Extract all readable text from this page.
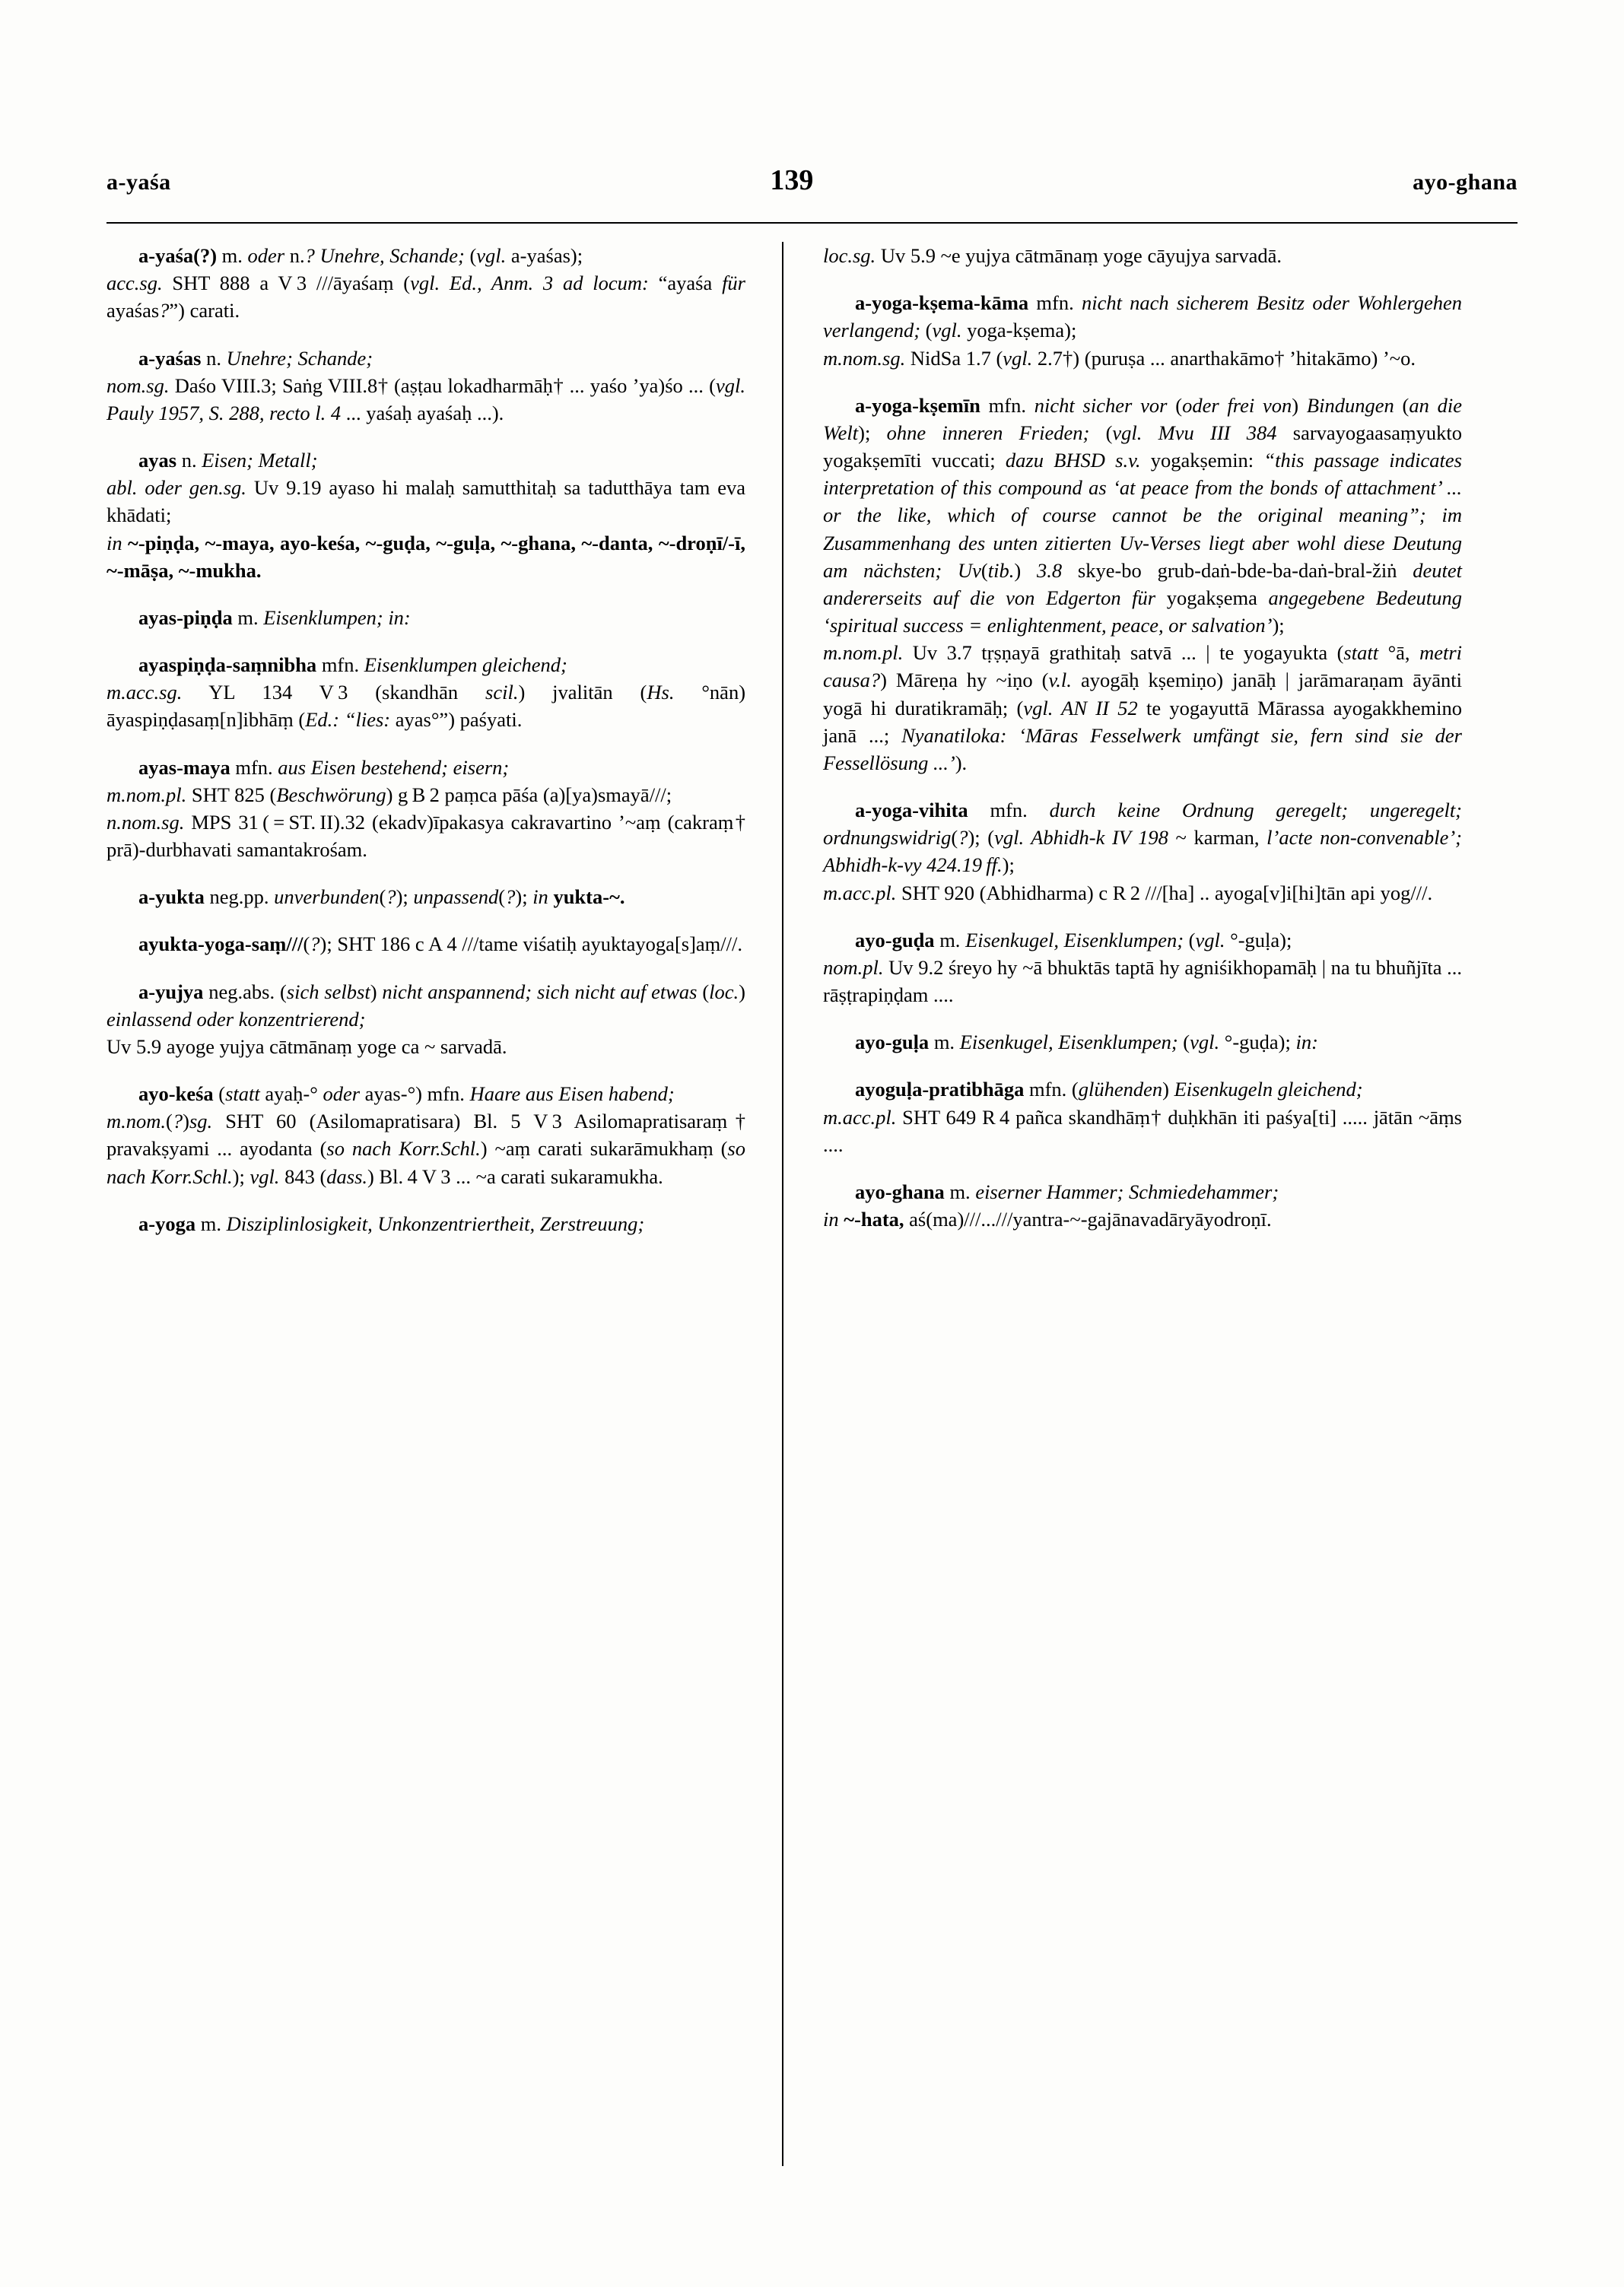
a-yaśa	139	ayo-ghana

a-yaśa(?) m. oder n.? Unehre, Schande; (vgl. a-yaśas);

acc.sg. SHT 888 a V 3 ///āyaśaṃ (vgl. Ed., Anm. 3 ad locum: “ayaśa für ayaśas?”) carati.

a-yaśas n. Unehre; Schande;

nom.sg. Daśo VIII.3; Saṅg VIII.8† (aṣṭau lokadharmāḥ† ... yaśo ’ya)śo ... (vgl. Pauly 1957, S. 288, recto l. 4 ... yaśaḥ ayaśaḥ ...).

ayas n. Eisen; Metall;

abl. oder gen.sg. Uv 9.19 ayaso hi malaḥ samutthitaḥ sa tadutthāya tam eva khādati;

in ~-piṇḍa, ~-maya, ayo-keśa, ~-guḍa, ~-guḷa, ~-ghana, ~-danta, ~-droṇī/-ī, ~-māṣa, ~-mukha.

ayas-piṇḍa m. Eisenklumpen; in:

ayaspiṇḍa-saṃnibha mfn. Eisenklumpen gleichend;

m.acc.sg. YL 134 V 3 (skandhān scil.) jvalitān (Hs. °nān) āyaspiṇḍasaṃ[n]ibhāṃ (Ed.: “lies: ayas°”) paśyati.

ayas-maya mfn. aus Eisen bestehend; eisern;

m.nom.pl. SHT 825 (Beschwörung) g B 2 paṃca pāśa (a)[ya)smayā///;

n.nom.sg. MPS 31 ( = ST. II).32 (ekadv)īpakasya cakravartino ’~aṃ (cakraṃ† prā)-durbhavati samantakrośam.

a-yukta neg.pp. unverbunden(?); unpassend(?); in yukta-~.

ayukta-yoga-saṃ///(?); SHT 186 c A 4 ///tame viśatiḥ ayuktayoga[s]aṃ///.

a-yujya neg.abs. (sich selbst) nicht anspannend; sich nicht auf etwas (loc.) einlassend oder konzentrierend;

Uv 5.9 ayoge yujya cātmānaṃ yoge ca ~ sarvadā.

ayo-keśa (statt ayaḥ-° oder ayas-°) mfn. Haare aus Eisen habend;

m.nom.(?)sg. SHT 60 (Asilomapratisara) Bl. 5 V 3 Asilomapratisaraṃ† pravakṣyami ... ayodanta (so nach Korr.Schl.) ~aṃ carati sukarāmukhaṃ (so nach Korr.Schl.); vgl. 843 (dass.) Bl. 4 V 3 ... ~a carati sukaramukha.

a-yoga m. Disziplinlosigkeit, Unkonzentriertheit, Zerstreuung;

loc.sg. Uv 5.9 ~e yujya cātmānaṃ yoge cāyujya sarvadā.

a-yoga-kṣema-kāma mfn. nicht nach sicherem Besitz oder Wohlergehen verlangend; (vgl. yoga-kṣema);

m.nom.sg. NidSa 1.7 (vgl. 2.7†) (puruṣa ... anarthakāmo† ’hitakāmo) ’~o.

a-yoga-kṣemīn mfn. nicht sicher vor (oder frei von) Bindungen (an die Welt); ohne inneren Frieden; (vgl. Mvu III 384 sarvayogaasaṃyukto yogakṣemīti vuccati; dazu BHSD s.v. yogakṣemin: “this passage indicates interpretation of this compound as ‘at peace from the bonds of attachment’ ... or the like, which of course cannot be the original meaning”; im Zusammenhang des unten zitierten Uv-Verses liegt aber wohl diese Deutung am nächsten; Uv(tib.) 3.8 skye-bo grub-daṅ-bde-ba-daṅ-bral-žiṅ deutet andererseits auf die von Edgerton für yogakṣema angegebene Bedeutung ‘spiritual success = enlightenment, peace, or salvation’);

m.nom.pl. Uv 3.7 tṛṣṇayā grathitaḥ satvā ... | te yogayukta (statt °ā, metri causa?) Māreṇa hy ~iṇo (v.l. ayogāḥ kṣemiṇo) janāḥ | jarāmaraṇam āyānti yogā hi duratikramāḥ; (vgl. AN II 52 te yogayuttā Mārassa ayogakkhemino janā ...; Nyanatiloka: ‘Māras Fesselwerk umfängt sie, fern sind sie der Fessellösung ...’).

a-yoga-vihita mfn. durch keine Ordnung geregelt; ungeregelt; ordnungswidrig(?); (vgl. Abhidh-k IV 198 ~ karman, l’acte non-convenable’; Abhidh-k-vy 424.19 ff.);

m.acc.pl. SHT 920 (Abhidharma) c R 2 ///[ha] .. ayoga[v]i[hi]tān api yog///.

ayo-guḍa m. Eisenkugel, Eisenklumpen; (vgl. °-guḷa);

nom.pl. Uv 9.2 śreyo hy ~ā bhuktās taptā hy agniśikhopamāḥ | na tu bhuñjīta ... rāṣṭrapiṇḍam ....

ayo-guḷa m. Eisenkugel, Eisenklumpen; (vgl. °-guḍa); in:

ayoguḷa-pratibhāga mfn. (glühenden) Eisenkugeln gleichend;

m.acc.pl. SHT 649 R 4 pañca skandhāṃ† duḥkhān iti paśya[ti] ..... jātān ~āṃs ....

ayo-ghana m. eiserner Hammer; Schmiedehammer;

in ~-hata, aś(ma)///...///yantra-~-gajānavadāryāyodroṇī.
